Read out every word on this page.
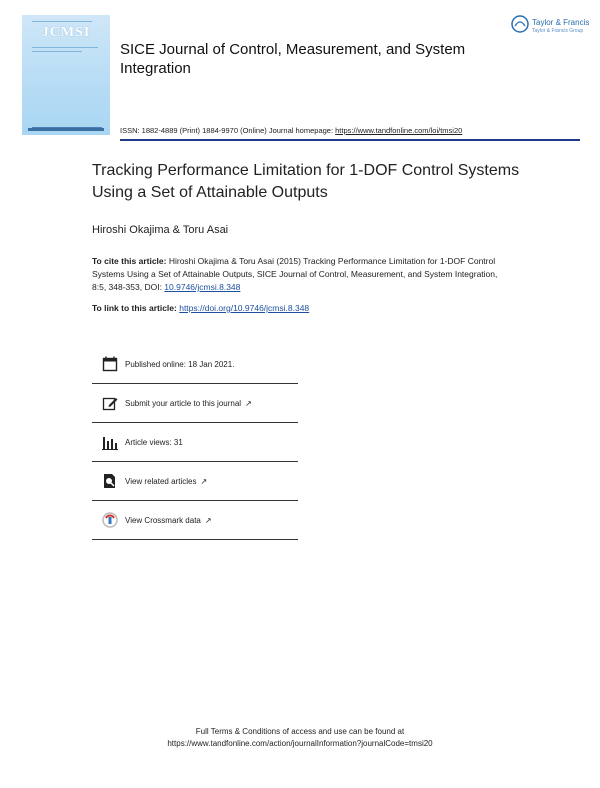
JCMSI
SICE Journal of Control, Measurement, and System Integration
Taylor & Francis
Taylor & Francis Group
ISSN: 1882-4889 (Print) 1884-9970 (Online) Journal homepage: https://www.tandfonline.com/loi/tmsi20
Tracking Performance Limitation for 1-DOF Control Systems Using a Set of Attainable Outputs
Hiroshi Okajima & Toru Asai
To cite this article: Hiroshi Okajima & Toru Asai (2015) Tracking Performance Limitation for 1-DOF Control Systems Using a Set of Attainable Outputs, SICE Journal of Control, Measurement, and System Integration, 8:5, 348-353, DOI: 10.9746/jcmsi.8.348
To link to this article: https://doi.org/10.9746/jcmsi.8.348
Published online: 18 Jan 2021.
Submit your article to this journal ↗
Article views: 31
View related articles ↗
View Crossmark data ↗
Full Terms & Conditions of access and use can be found at
https://www.tandfonline.com/action/journalInformation?journalCode=tmsi20
